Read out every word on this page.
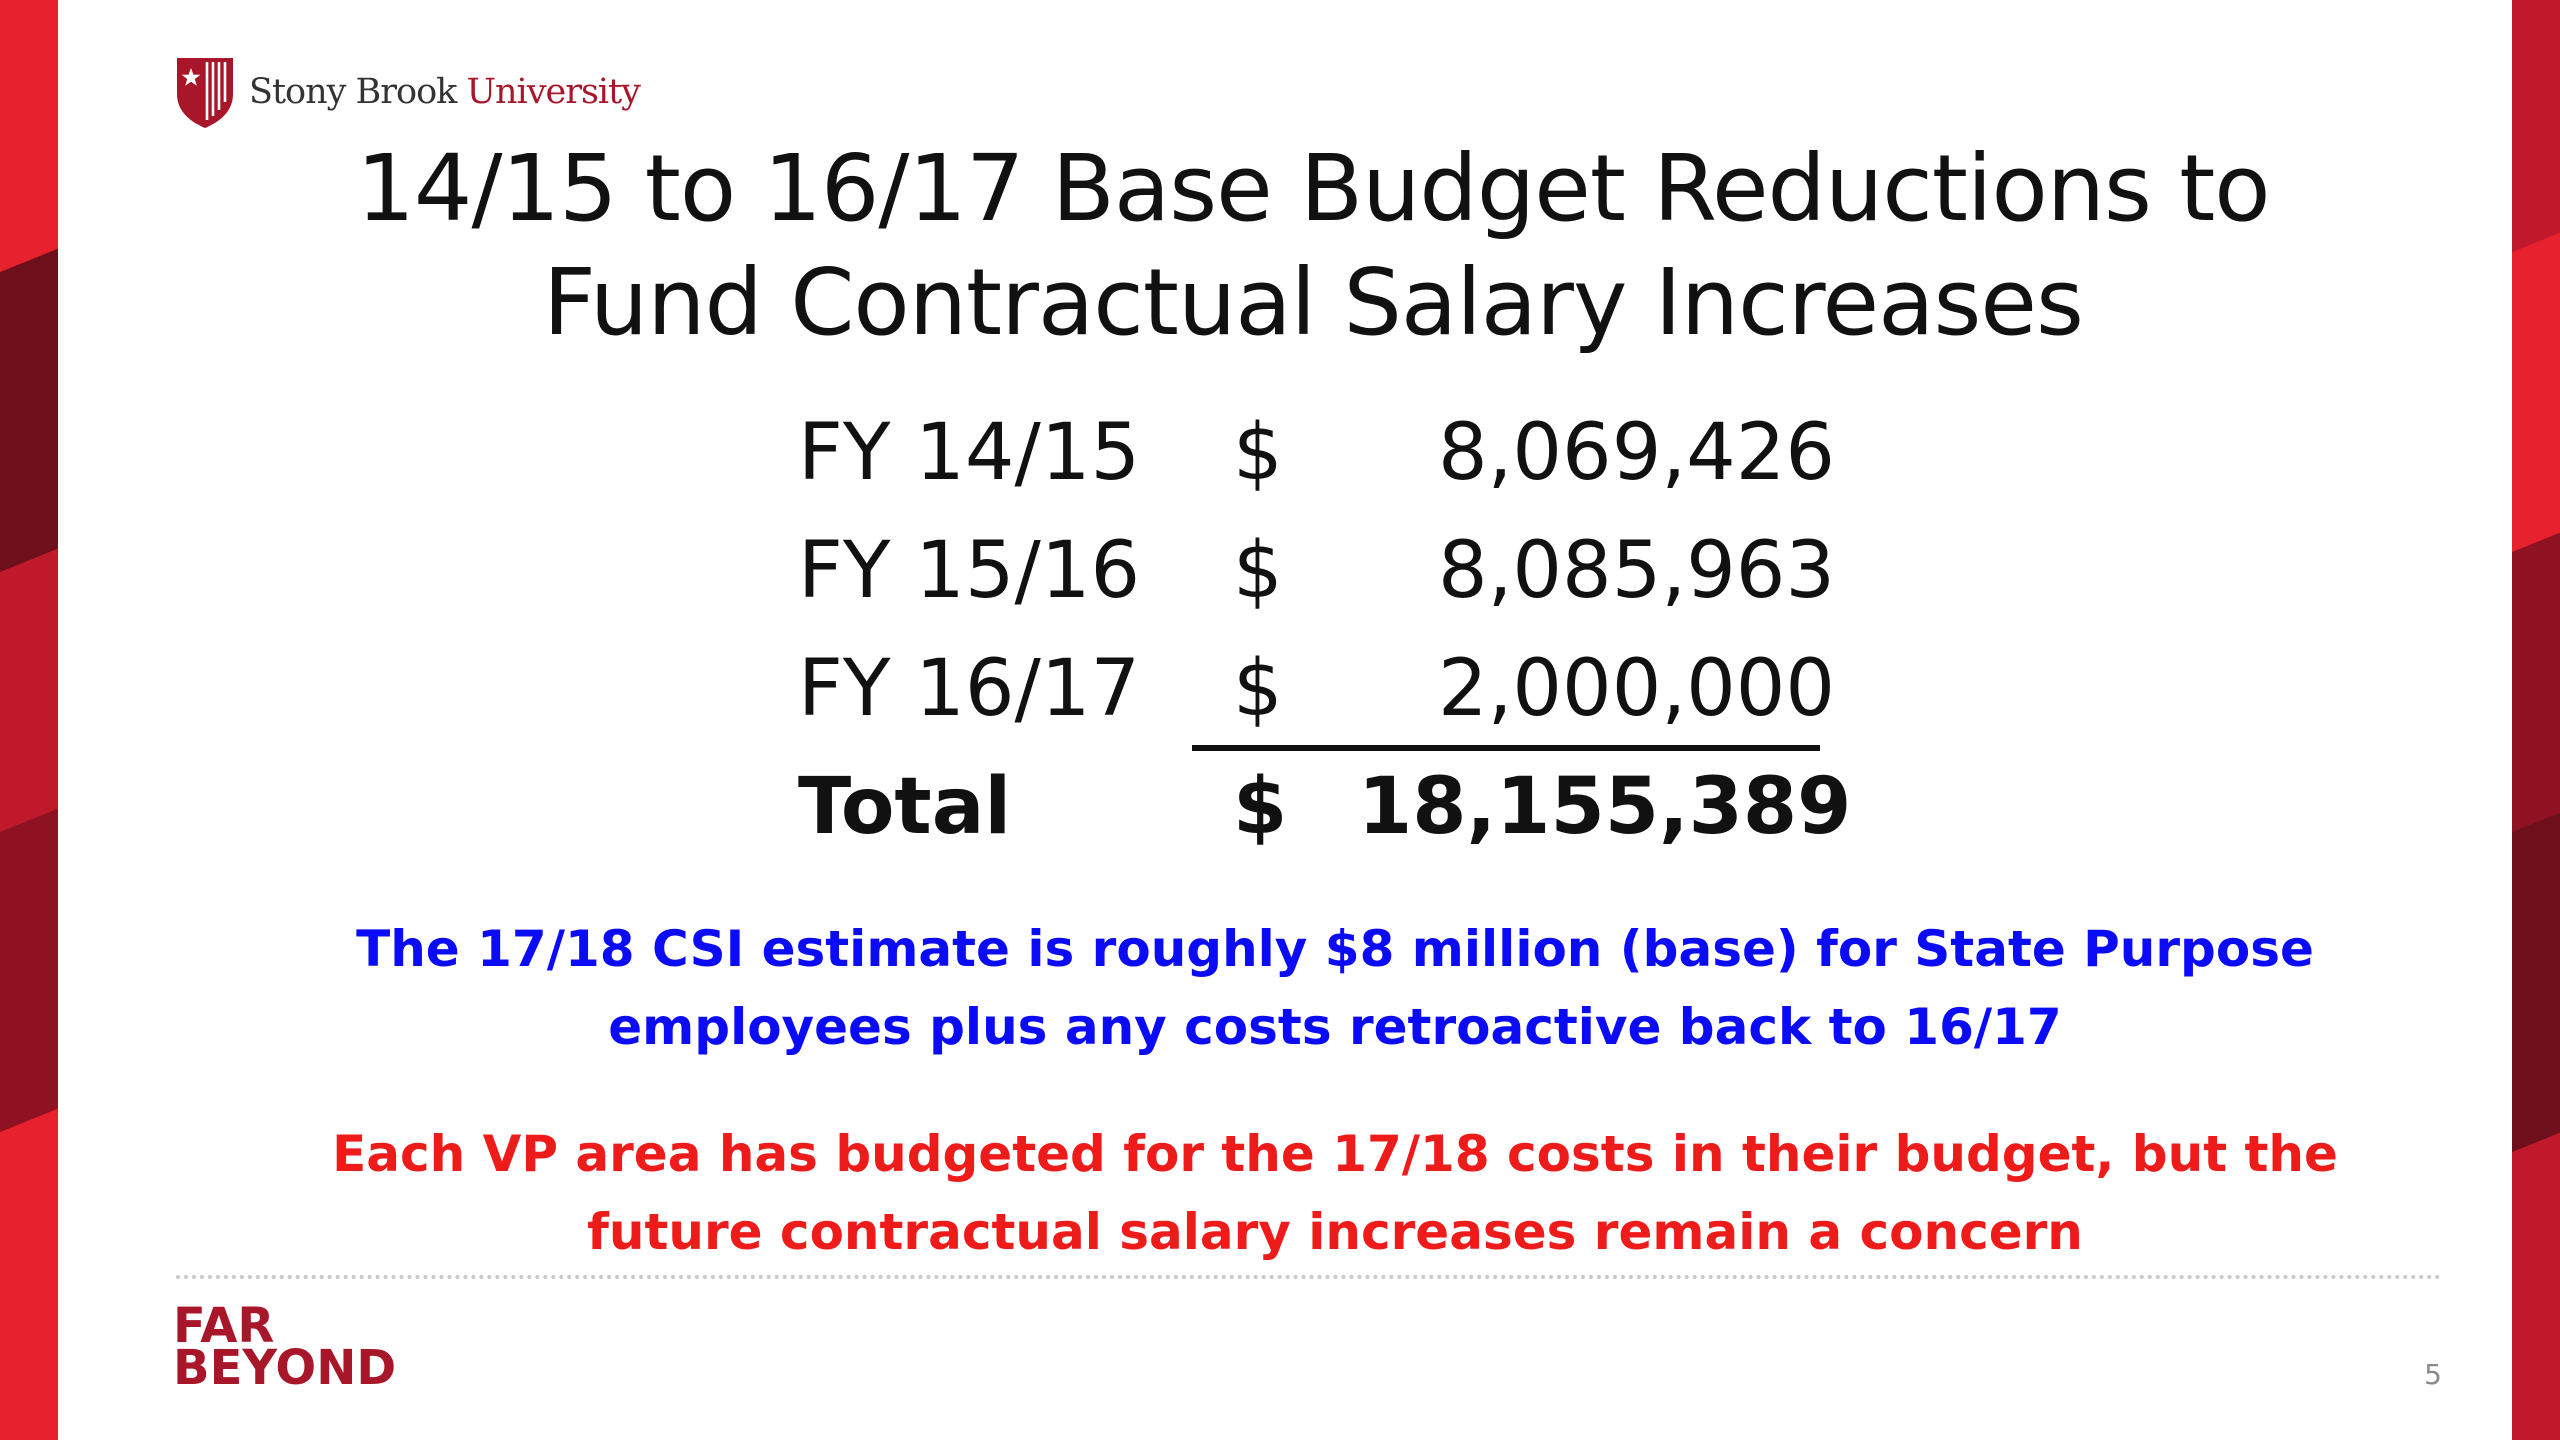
Stony Brook University
14/15 to 16/17 Base Budget Reductions to
Fund Contractual Salary Increases
FY 14/15 $	8,069,426
FY 15/16 $	8,085,963
FY 16/17 $	2,000,000
Total	$ 18,155,389
The 17/18 CSI estimate is roughly $8 million (base) for State Purpose
employees plus any costs retroactive back to 16/17
Each VP area has budgeted for the 17/18 costs in their budget, but the
future contractual salary increases remain a concern
FAR
BEYOND	5
